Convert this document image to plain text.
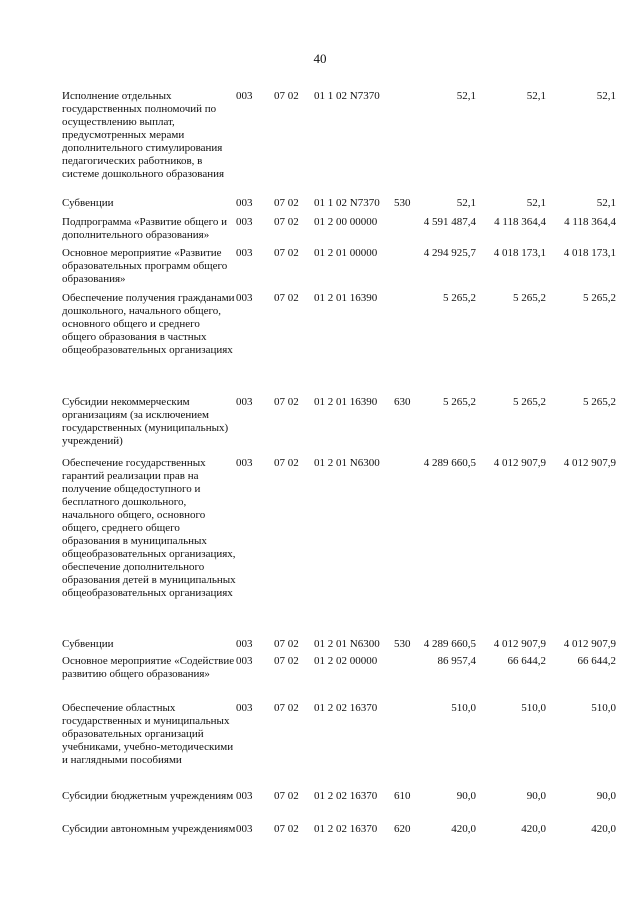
40
Исполнение отдельных государственных полномочий по осуществлению выплат, предусмотренных мерами дополнительного стимулирования педагогических работников, в системе дошкольного образования
003	07 02	01 1 02 N7370	52,1	52,1	52,1
Субвенции	003	07 02	01 1 02 N7370	530	52,1	52,1	52,1
Подпрограмма «Развитие общего и дополнительного образования»
003	07 02	01 2 00 00000	4 591 487,4	4 118 364,4	4 118 364,4
Основное мероприятие «Развитие образовательных программ общего образования»
003	07 02	01 2 01 00000	4 294 925,7	4 018 173,1	4 018 173,1
Обеспечение получения гражданами дошкольного, начального общего, основного общего и среднего общего образования в частных общеобразовательных организациях
003	07 02	01 2 01 16390	5 265,2	5 265,2	5 265,2
Субсидии некоммерческим организациям (за исключением государственных (муниципальных) учреждений)
003	07 02	01 2 01 16390	630	5 265,2	5 265,2	5 265,2
Обеспечение государственных гарантий реализации прав на получение общедоступного и бесплатного дошкольного, начального общего, основного общего, среднего общего образования в муниципальных общеобразовательных организациях, обеспечение дополнительного образования детей в муниципальных общеобразовательных организациях
003	07 02	01 2 01 N6300	4 289 660,5	4 012 907,9	4 012 907,9
Субвенции	003	07 02	01 2 01 N6300	530	4 289 660,5	4 012 907,9	4 012 907,9
Основное мероприятие «Содействие развитию общего образования»
003	07 02	01 2 02 00000	86 957,4	66 644,2	66 644,2
Обеспечение областных государственных и муниципальных образовательных организаций учебниками, учебно-методическими и наглядными пособиями
003	07 02	01 2 02 16370	510,0	510,0	510,0
Субсидии бюджетным учреждениям 003	07 02	01 2 02 16370	610	90,0	90,0	90,0
Субсидии автономным учреждениям 003	07 02	01 2 02 16370	620	420,0	420,0	420,0
